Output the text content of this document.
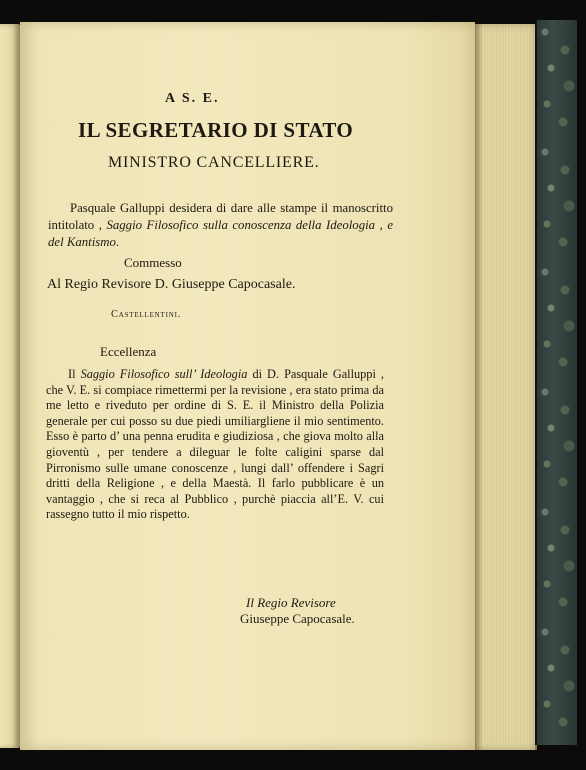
A S. E.
IL SEGRETARIO DI STATO
MINISTRO CANCELLIERE.
Pasquale Galluppi desidera di dare alle stampe il manoscritto intitolato , Saggio Filosofico sulla conoscenza della Ideologia , e del Kantismo.
Commesso
Al Regio Revisore D. Giuseppe Capocasale.
Castellentini.
Eccellenza
Il Saggio Filosofico sull’ Ideologia di D. Pasquale Galluppi , che V. E. si compiace rimettermi per la revisione , era stato prima da me letto e riveduto per ordine di S. E. il Ministro della Polizia generale per cui posso su due piedi umiliargliene il mio sentimento. Esso è parto d’ una penna erudita e giudiziosa , che giova molto alla gioventù , per tendere a dileguar le folte caligini sparse dal Pirronismo sulle umane conoscenze , lungi dall’ offendere i Sagri dritti della Religione , e della Maestà. Il farlo pubblicare è un vantaggio , che si reca al Pubblico , purchè piaccia all’E. V. cui rassegno tutto il mio rispetto.
Il Regio Revisore
Giuseppe Capocasale.
